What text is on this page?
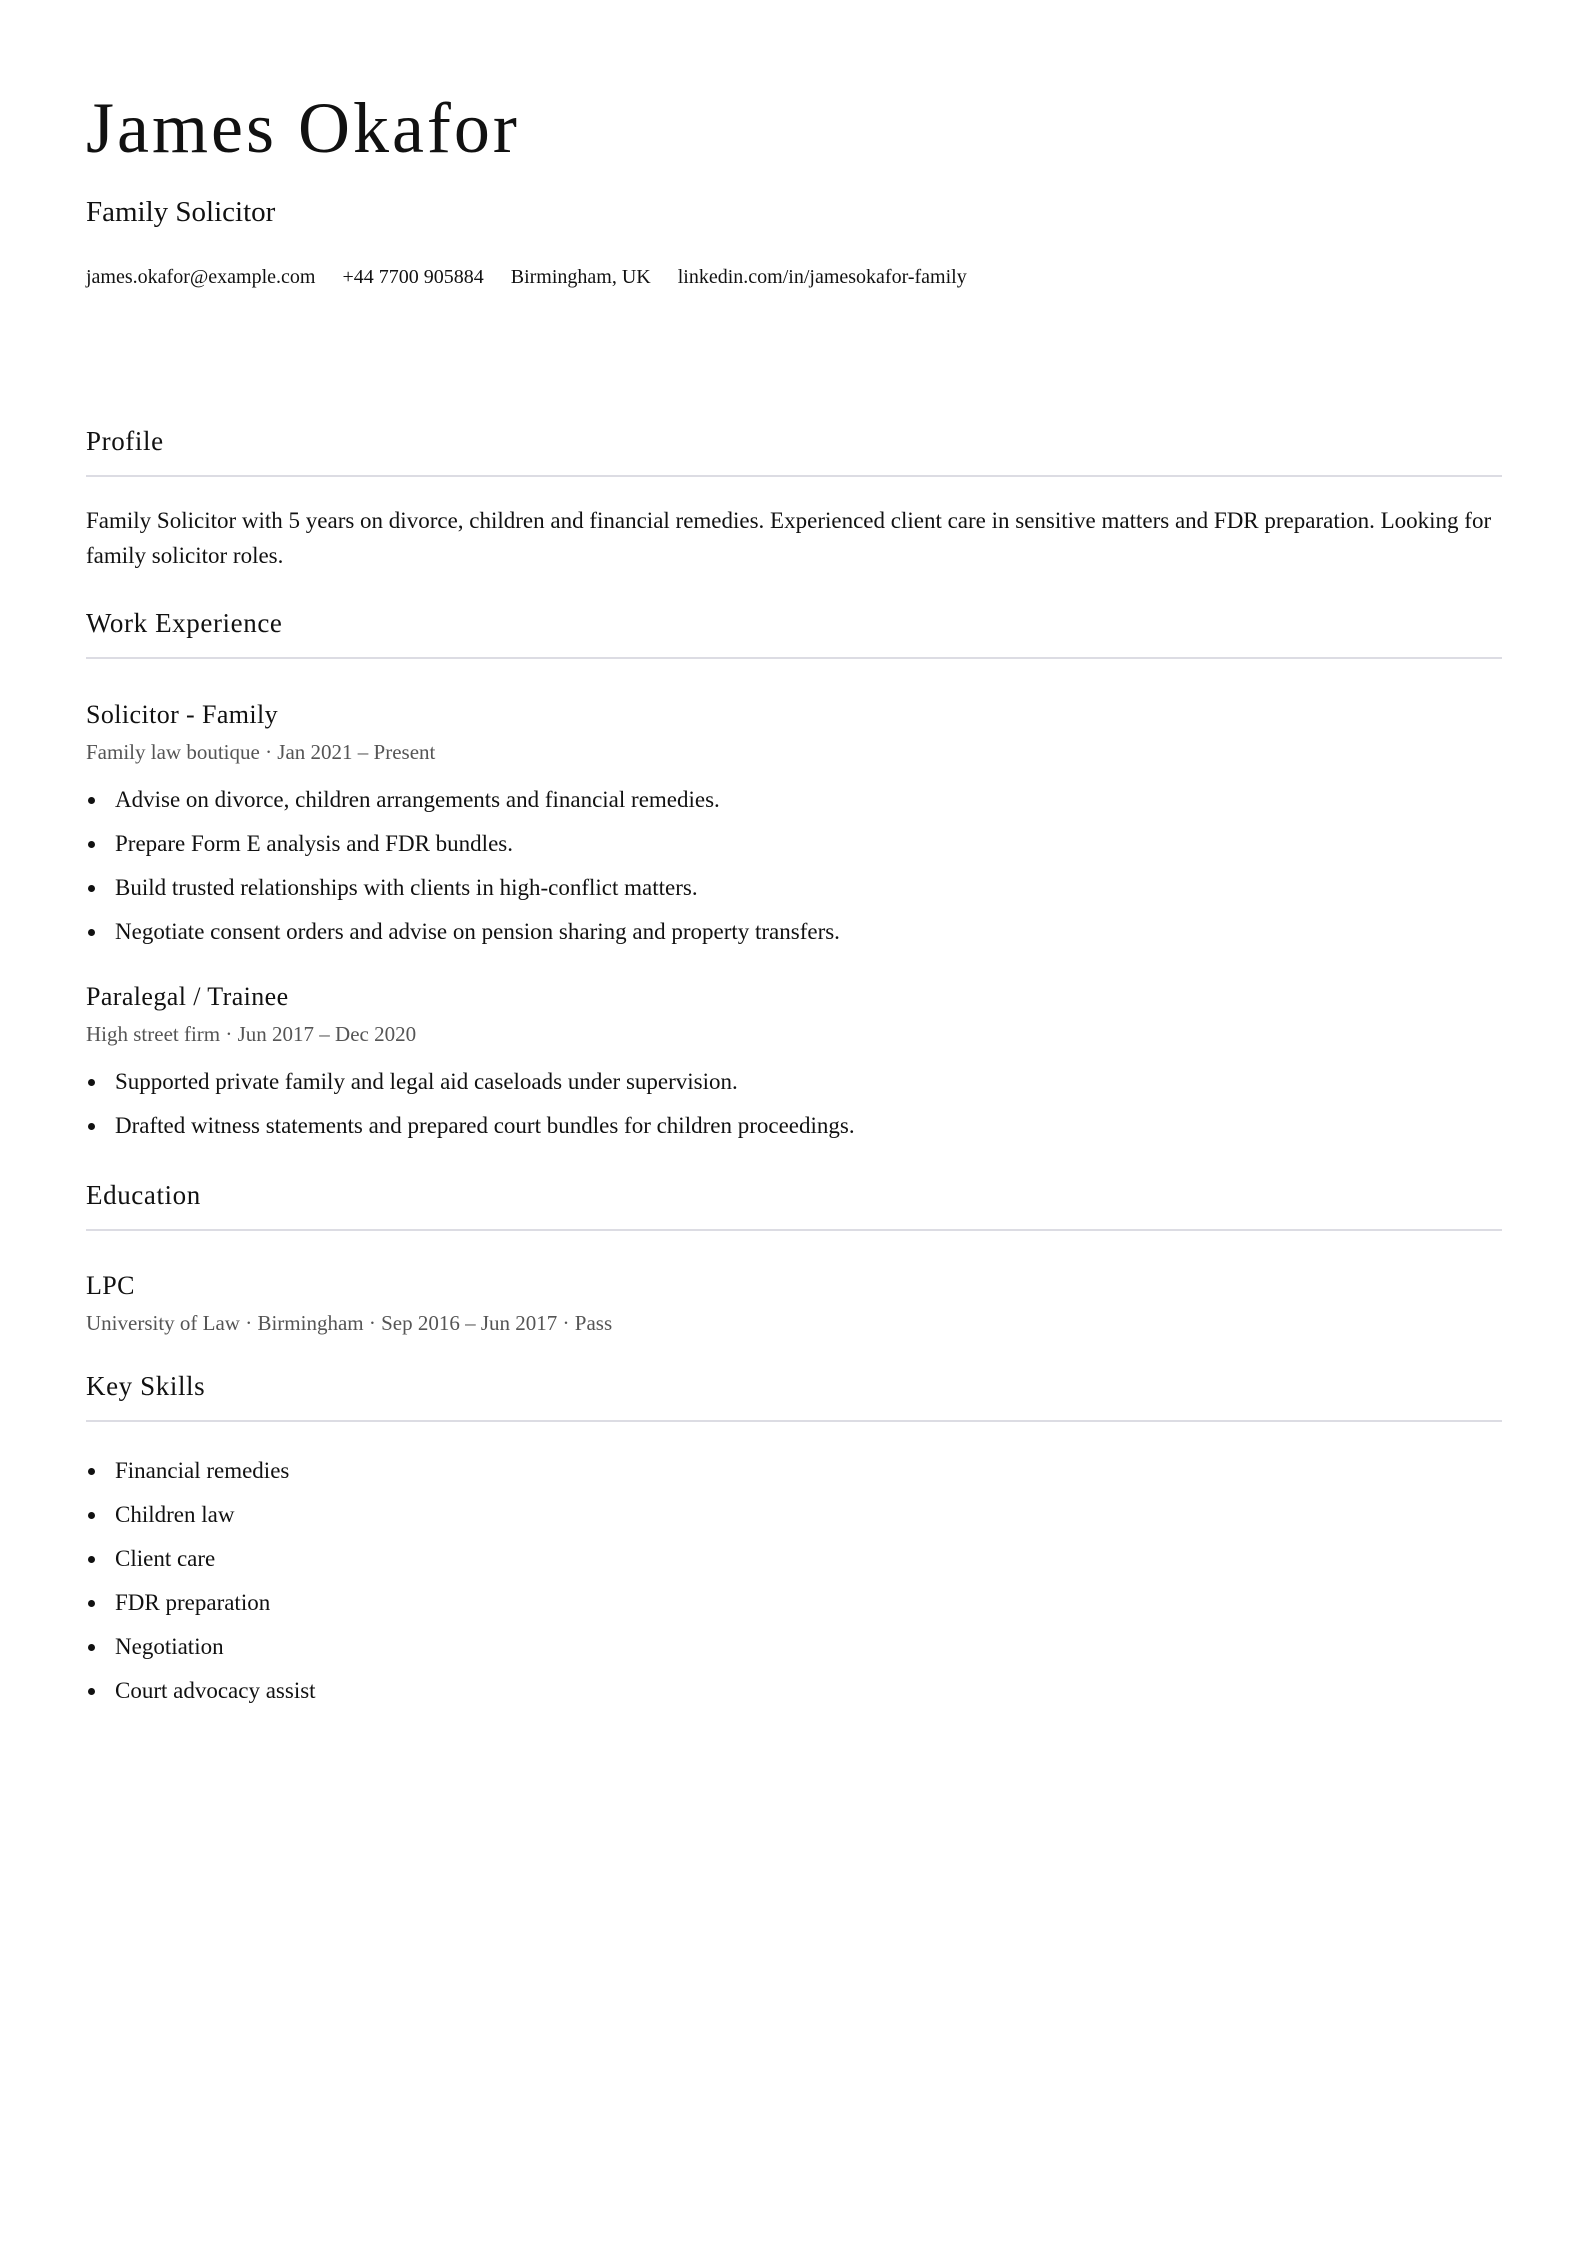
James Okafor
Family Solicitor
james.okafor@example.com +44 7700 905884 Birmingham, UK linkedin.com/in/jamesokafor-family
Profile

Family Solicitor with 5 years on divorce, children and financial remedies. Experienced client care in sensitive matters and FDR preparation. Looking for family solicitor roles.

Work Experience
Solicitor - Family

Family law boutique · Jan 2021 – Present

Advise on divorce, children arrangements and financial remedies.
Prepare Form E analysis and FDR bundles.
Build trusted relationships with clients in high-conflict matters.
Negotiate consent orders and advise on pension sharing and property transfers.
Paralegal / Trainee

High street firm · Jun 2017 – Dec 2020

Supported private family and legal aid caseloads under supervision.
Drafted witness statements and prepared court bundles for children proceedings.
Education
LPC

University of Law · Birmingham · Sep 2016 – Jun 2017 · Pass

Key Skills
Financial remedies
Children law
Client care
FDR preparation
Negotiation
Court advocacy assist
